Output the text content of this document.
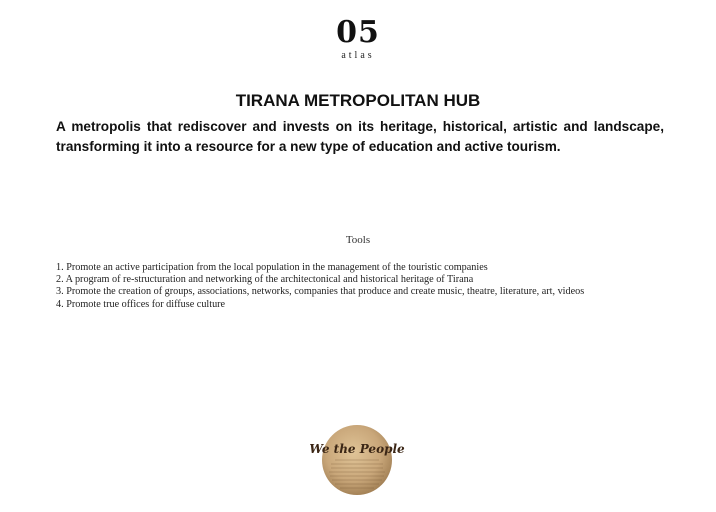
05
atlas
TIRANA METROPOLITAN HUB

A metropolis that rediscover and invests on its heritage, historical, artistic and landscape, transforming it into a resource for a new type of education and active tourism.

Tools
1. Promote an active participation from the local population in the management of the touristic companies
2. A program of re-structuration and networking of the architectonical and historical heritage of Tirana
3. Promote the creation of groups, associations, networks, companies that produce and create music, theatre, literature, art, videos
4. Promote true offices for diffuse culture
We the People
